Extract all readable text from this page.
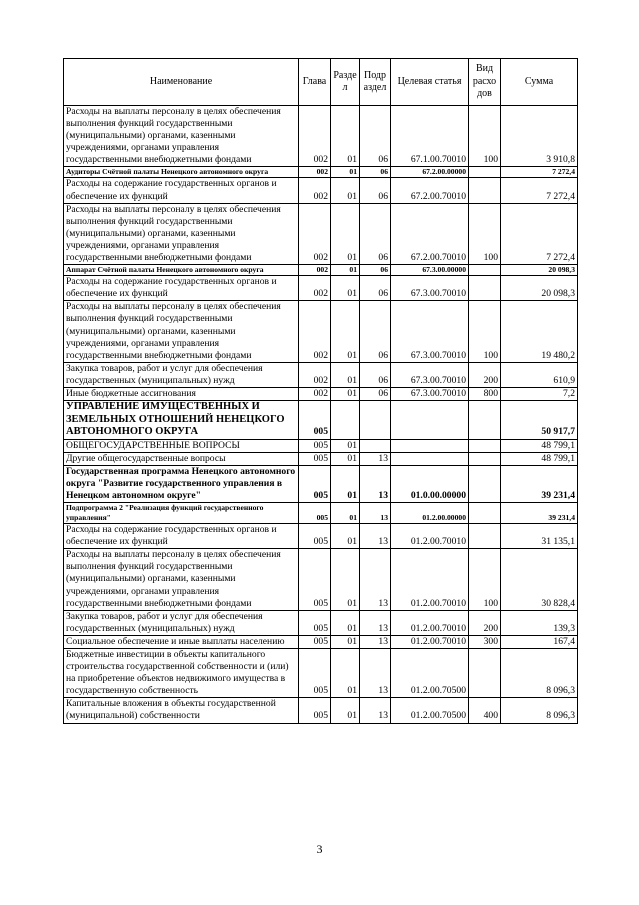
Наименование	Глава	Разде л	Подр аздел	Целевая статья	Вид расхо дов	Сумма
Расходы на выплаты персоналу в целях обеспечения выполнения функций государственными (муниципальными) органами, казенными учреждениями, органами управления государственными внебюджетными фондами	002	01	06	67.1.00.70010	100	3 910,8
Аудиторы Счётной палаты Ненецкого автономного округа	002	01	06	67.2.00.00000		7 272,4
Расходы на содержание государственных органов и обеспечение их функций	002	01	06	67.2.00.70010		7 272,4
Расходы на выплаты персоналу в целях обеспечения выполнения функций государственными (муниципальными) органами, казенными учреждениями, органами управления государственными внебюджетными фондами	002	01	06	67.2.00.70010	100	7 272,4
Аппарат Счётной палаты Ненецкого автономного округа	002	01	06	67.3.00.00000		20 098,3
Расходы на содержание государственных органов и обеспечение их функций	002	01	06	67.3.00.70010		20 098,3
Расходы на выплаты персоналу в целях обеспечения выполнения функций государственными (муниципальными) органами, казенными учреждениями, органами управления государственными внебюджетными фондами	002	01	06	67.3.00.70010	100	19 480,2
Закупка товаров, работ и услуг для обеспечения государственных (муниципальных) нужд	002	01	06	67.3.00.70010	200	610,9
Иные бюджетные ассигнования	002	01	06	67.3.00.70010	800	7,2
УПРАВЛЕНИЕ ИМУЩЕСТВЕННЫХ И ЗЕМЕЛЬНЫХ ОТНОШЕНИЙ НЕНЕЦКОГО АВТОНОМНОГО ОКРУГА	005					50 917,7
ОБЩЕГОСУДАРСТВЕННЫЕ ВОПРОСЫ	005	01				48 799,1
Другие общегосударственные вопросы	005	01	13			48 799,1
Государственная программа Ненецкого автономного округа "Развитие государственного управления в Ненецком автономном округе"	005	01	13	01.0.00.00000		39 231,4
Подпрограмма 2 "Реализация функций государственного управления"	005	01	13	01.2.00.00000		39 231,4
Расходы на содержание государственных органов и обеспечение их функций	005	01	13	01.2.00.70010		31 135,1
Расходы на выплаты персоналу в целях обеспечения выполнения функций государственными (муниципальными) органами, казенными учреждениями, органами управления государственными внебюджетными фондами	005	01	13	01.2.00.70010	100	30 828,4
Закупка товаров, работ и услуг для обеспечения государственных (муниципальных) нужд	005	01	13	01.2.00.70010	200	139,3
Социальное обеспечение и иные выплаты населению	005	01	13	01.2.00.70010	300	167,4
Бюджетные инвестиции в объекты капитального строительства государственной собственности и (или) на приобретение объектов недвижимого имущества в государственную собственность	005	01	13	01.2.00.70500		8 096,3
Капитальные вложения в объекты государственной (муниципальной) собственности	005	01	13	01.2.00.70500	400	8 096,3
3
